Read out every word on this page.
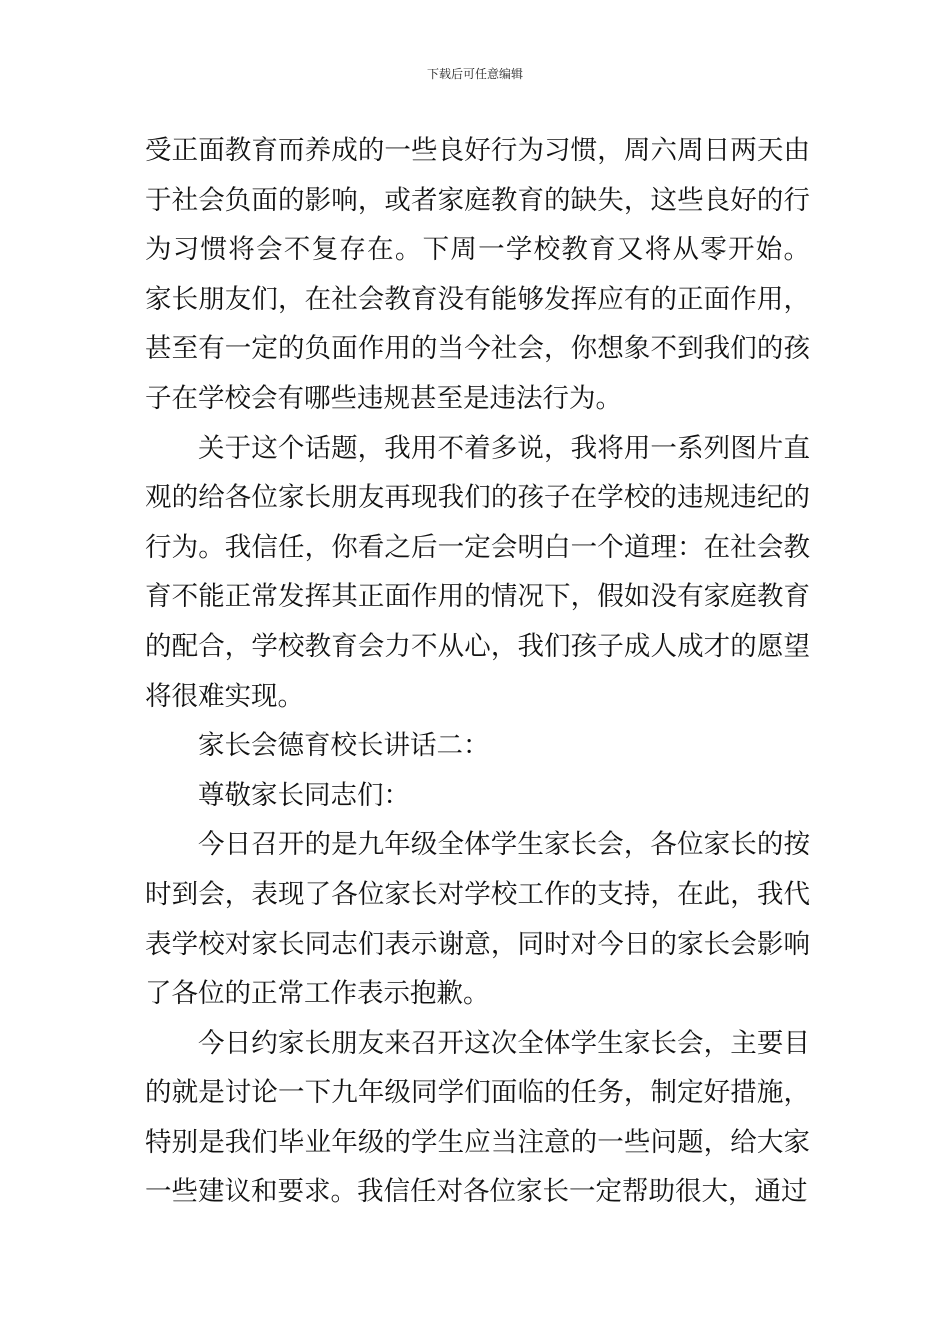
下载后可任意编辑

受正面教育而养成的一些良好行为习惯，周六周日两天由于社会负面的影响，或者家庭教育的缺失，这些良好的行为习惯将会不复存在。下周一学校教育又将从零开始。 家长朋友们，在社会教育没有能够发挥应有的正面作用，甚至有一定的负面作用的当今社会，你想象不到我们的孩子在学校会有哪些违规甚至是违法行为。

关于这个话题，我用不着多说，我将用一系列图片直观的给各位家长朋友再现我们的孩子在学校的违规违纪的行为。我信任，你看之后一定会明白一个道理：在社会教育不能正常发挥其正面作用的情况下，假如没有家庭教育的配合，学校教育会力不从心，我们孩子成人成才的愿望将很难实现。

家长会德育校长讲话二：

尊敬家长同志们：

今日召开的是九年级全体学生家长会，各位家长的按时到会，表现了各位家长对学校工作的支持，在此，我代表学校对家长同志们表示谢意，同时对今日的家长会影响了各位的正常工作表示抱歉。

今日约家长朋友来召开这次全体学生家长会，主要目的就是讨论一下九年级同学们面临的任务，制定好措施，特别是我们毕业年级的学生应当注意的一些问题，给大家一些建议和要求。我信任对各位家长一定帮助很大，通过
